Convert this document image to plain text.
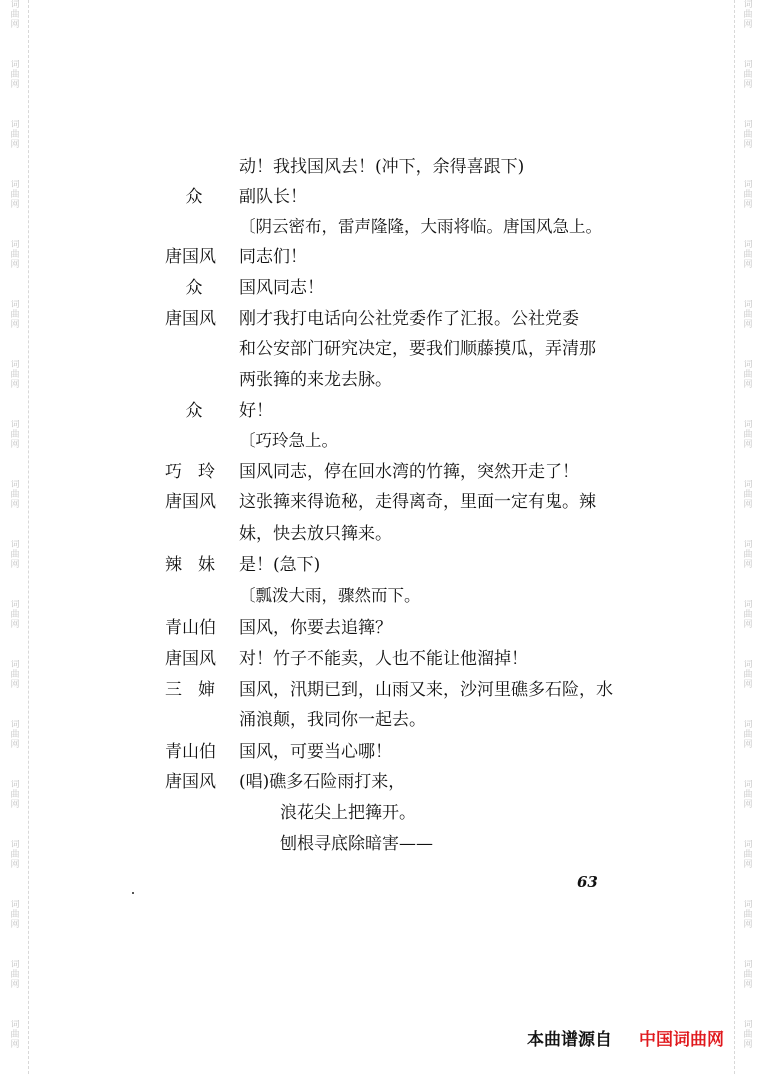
词
曲
网
词
曲
网
词
曲
网
词
曲
网
词
曲
网
词
曲
网
词
曲
网
词
曲
网
词
曲
网
词
曲
网
词
曲
网
词
曲
网
词
曲
网
词
曲
网
词
曲
网
词
曲
网
词
曲
网
词
曲
网
词
曲
网
词
曲
网
词
曲
网
词
曲
网
词
曲
网
词
曲
网
词
曲
网
词
曲
网
词
曲
网
词
曲
网
词
曲
网
词
曲
网
词
曲
网
词
曲
网
词
曲
网
词
曲
网
词
曲
网
词
曲
网
动！我找国风去！(冲下，余得喜跟下)
众	副队长！
〔阴云密布，雷声隆隆，大雨将临。唐国风急上。
唐国风	同志们！
众	国风同志！
唐国风	刚才我打电话向公社党委作了汇报。公社党委
和公安部门研究决定，要我们顺藤摸瓜，弄清那
两张篺的来龙去脉。
众	好！
〔巧玲急上。
巧玲 国风同志，停在回水湾的竹篺，突然开走了！
唐国风	这张篺来得诡秘，走得离奇，里面一定有鬼。辣
妹，快去放只篺来。
辣妹 是！(急下)
〔瓢泼大雨，骤然而下。
青山伯	国风，你要去追篺？
唐国风	对！竹子不能卖，人也不能让他溜掉！
三婶 国风，汛期已到，山雨又来，沙河里礁多石险，水
涌浪颠，我同你一起去。
青山伯	国风，可要当心哪！
唐国风	(唱)礁多石险雨打来，
浪花尖上把篺开。
刨根寻底除暗害——
63
本曲谱源自 中国词曲网
